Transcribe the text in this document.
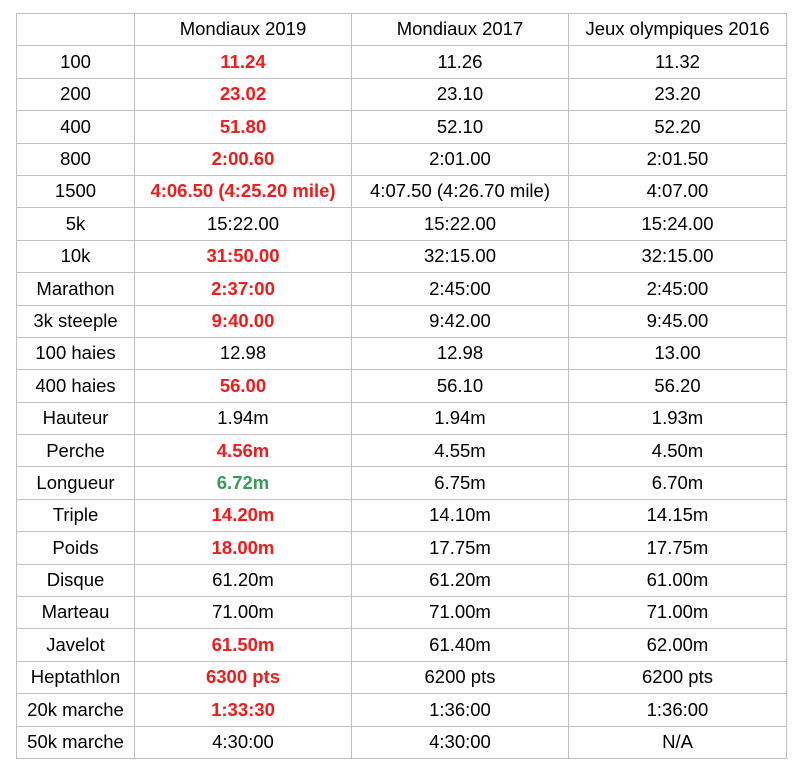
	Mondiaux 2019	Mondiaux 2017	Jeux olympiques 2016
100	11.24	11.26	11.32
200	23.02	23.10	23.20
400	51.80	52.10	52.20
800	2:00.60	2:01.00	2:01.50
1500	4:06.50 (4:25.20 mile)	4:07.50 (4:26.70 mile)	4:07.00
5k	15:22.00	15:22.00	15:24.00
10k	31:50.00	32:15.00	32:15.00
Marathon	2:37:00	2:45:00	2:45:00
3k steeple	9:40.00	9:42.00	9:45.00
100 haies	12.98	12.98	13.00
400 haies	56.00	56.10	56.20
Hauteur	1.94m	1.94m	1.93m
Perche	4.56m	4.55m	4.50m
Longueur	6.72m	6.75m	6.70m
Triple	14.20m	14.10m	14.15m
Poids	18.00m	17.75m	17.75m
Disque	61.20m	61.20m	61.00m
Marteau	71.00m	71.00m	71.00m
Javelot	61.50m	61.40m	62.00m
Heptathlon	6300 pts	6200 pts	6200 pts
20k marche	1:33:30	1:36:00	1:36:00
50k marche	4:30:00	4:30:00	N/A
